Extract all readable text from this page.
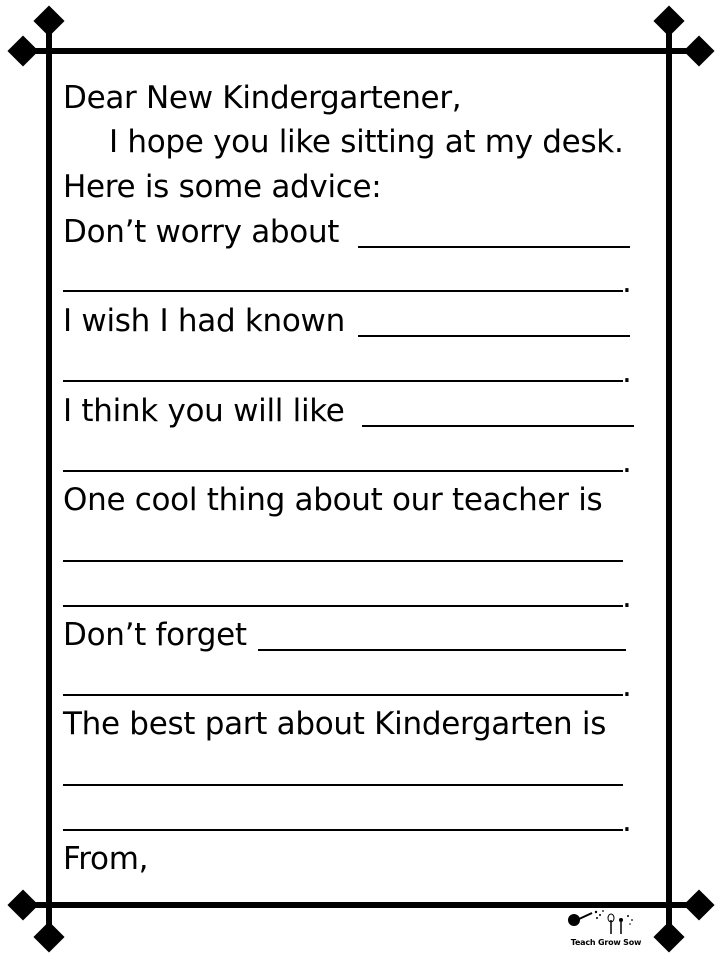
Dear New Kindergartener,
I hope you like sitting at my desk.
Here is some advice:
Don’t worry about
.
I wish I had known
.
I think you will like
.
One cool thing about our teacher is
.
Don’t forget
.
The best part about Kindergarten is
.
From,
Teach Grow Sow
